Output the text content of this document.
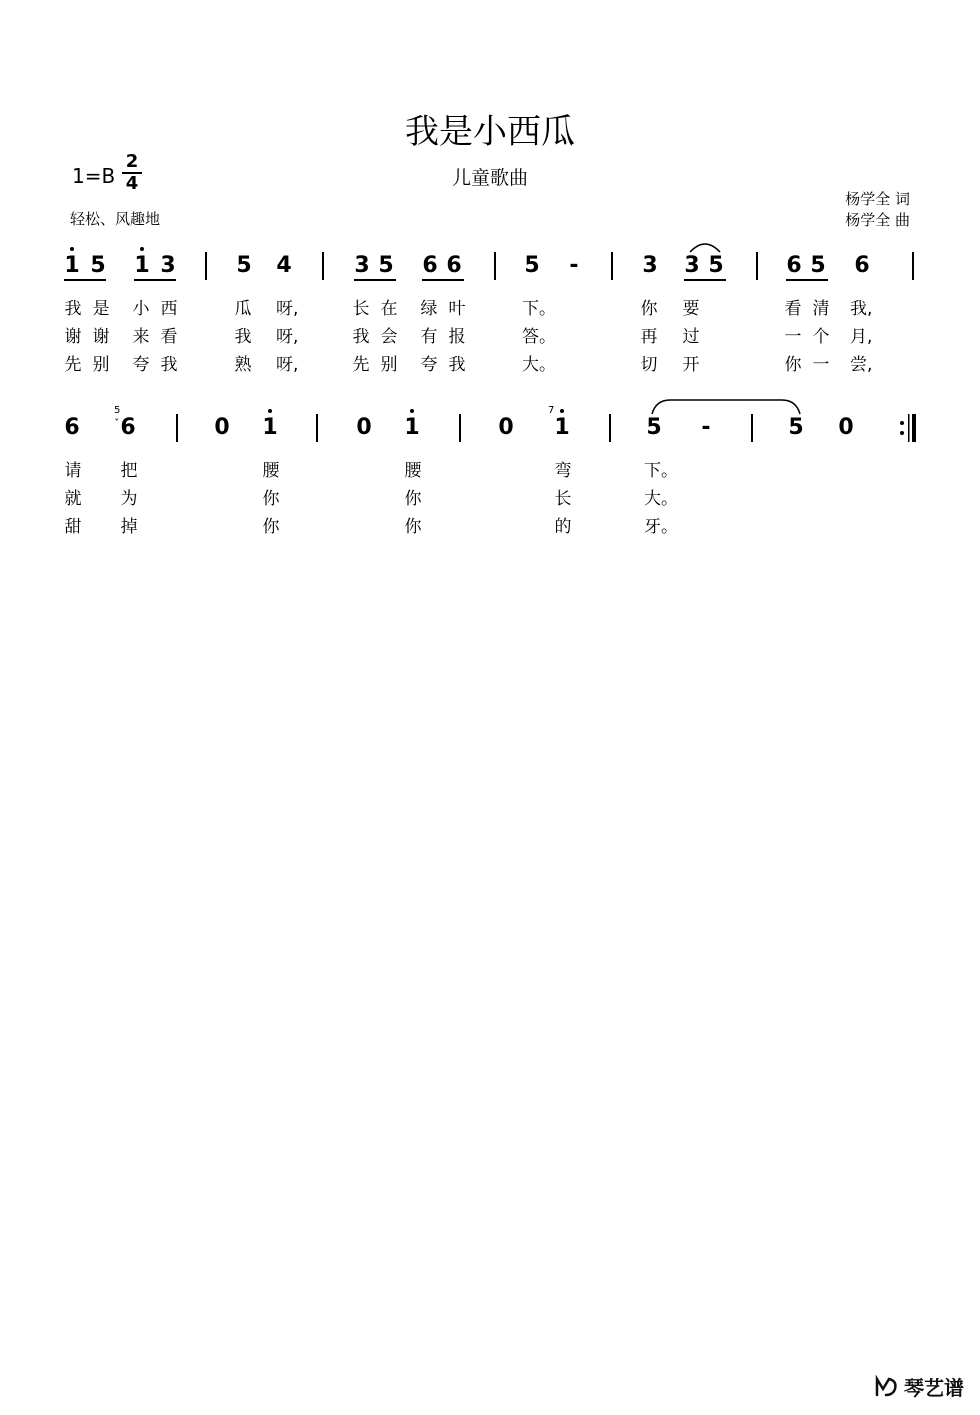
我是小西瓜
儿童歌曲
$1=B \frac{2}{4}$
轻松、风趣地
杨学全 词
杨学全 曲
1 5 1 3	5 4	3 5 6 6	5 -	3 3 5	6 5 6
我 是 小 西	瓜 呀,	长 在 绿 叶	下。	你 要	看 清 我,
谢 谢 来 看	我 呀,	我 会 有 报	答。	再 过	一 个 月,
先 别 夸 我	熟 呀,	先 别 夸 我	大。	切 开	你 一 尝,
6
5
ˇ 6	0 1	0 1	0
7
1	5 -	5 0
请 把	腰	腰	弯	下。
就 为	你	你	长	大。
甜 掉	你	你	的	牙。
琴艺谱
